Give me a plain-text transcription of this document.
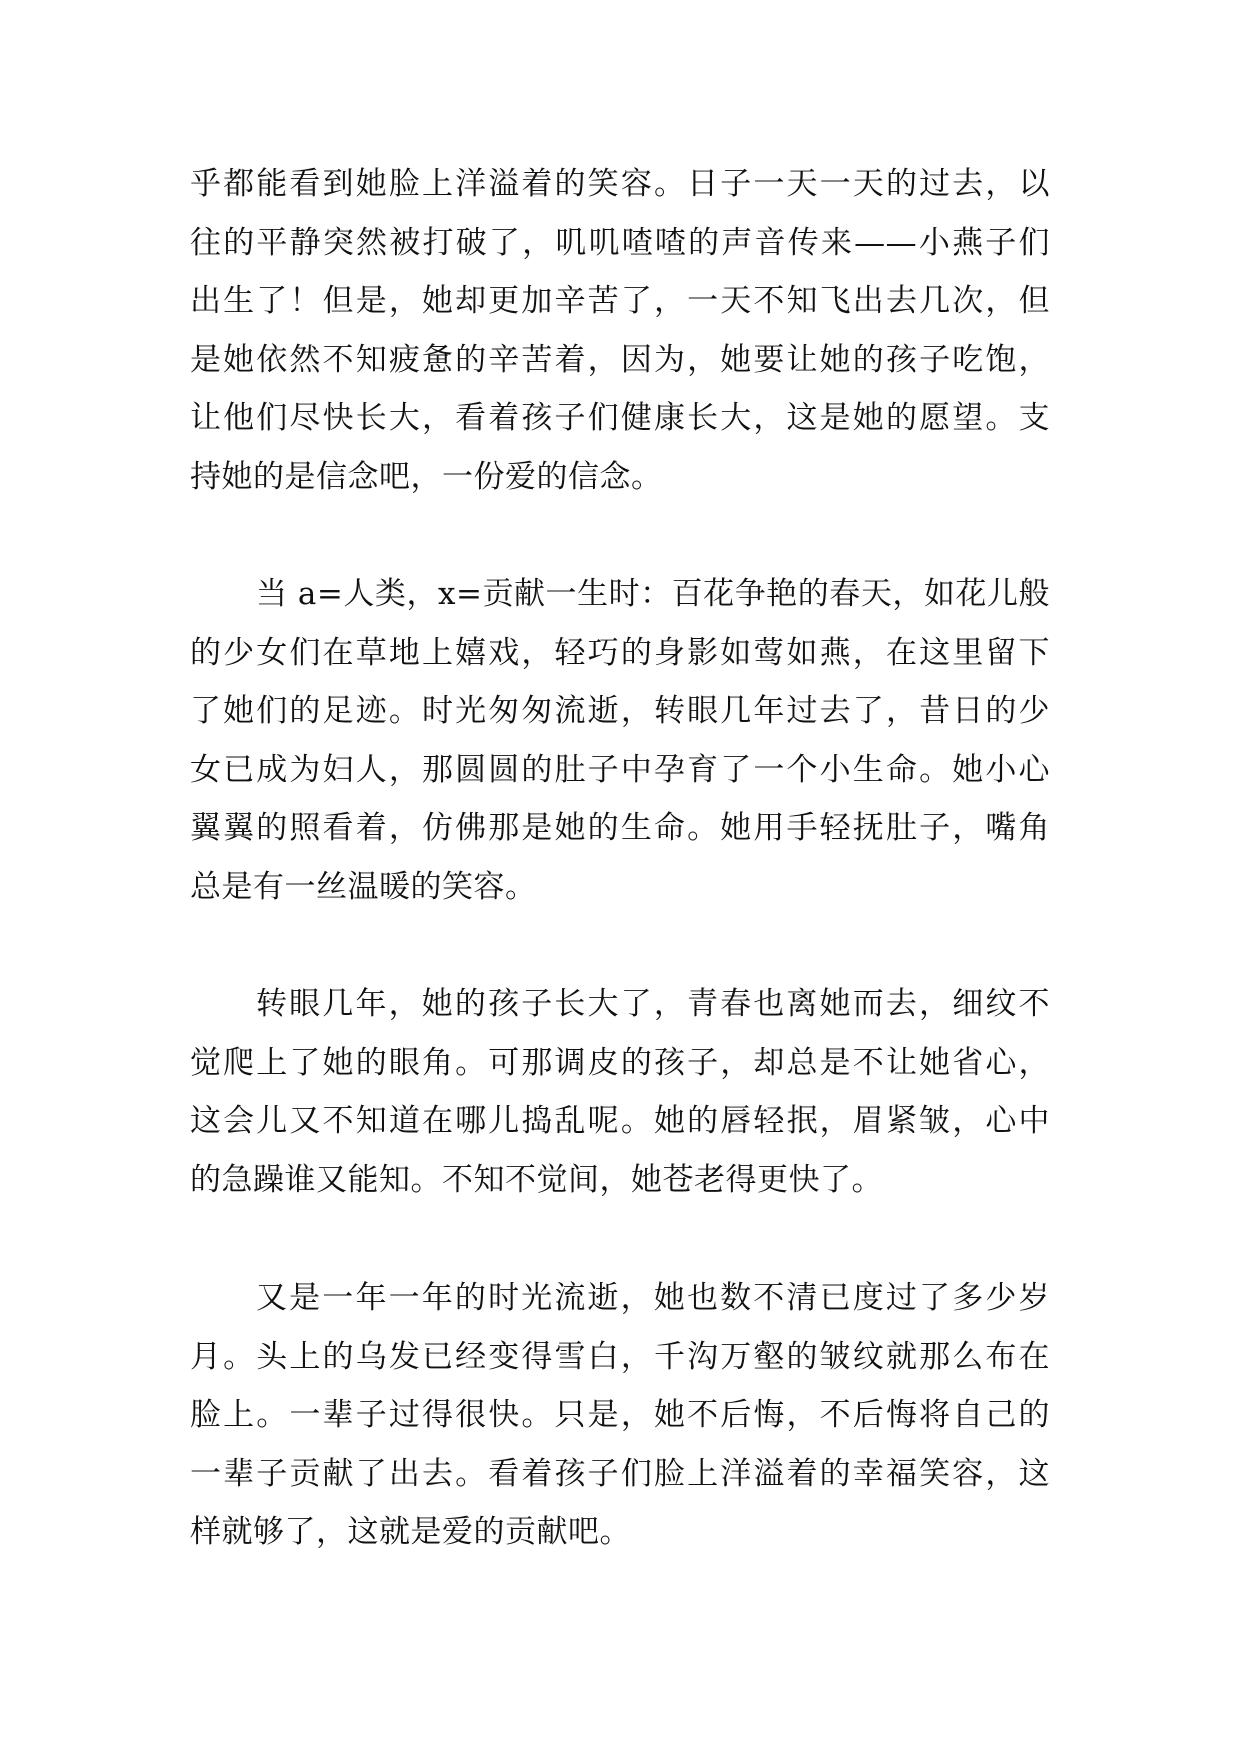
乎都能看到她脸上洋溢着的笑容。日子一天一天的过去，以
往的平静突然被打破了，叽叽喳喳的声音传来——小燕子们
出生了！但是，她却更加辛苦了，一天不知飞出去几次，但
是她依然不知疲惫的辛苦着，因为，她要让她的孩子吃饱，
让他们尽快长大，看着孩子们健康长大，这是她的愿望。支
持她的是信念吧，一份爱的信念。

当 a=人类，x=贡献一生时：百花争艳的春天，如花儿般
的少女们在草地上嬉戏，轻巧的身影如莺如燕，在这里留下
了她们的足迹。时光匆匆流逝，转眼几年过去了，昔日的少
女已成为妇人，那圆圆的肚子中孕育了一个小生命。她小心
翼翼的照看着，仿佛那是她的生命。她用手轻抚肚子，嘴角
总是有一丝温暖的笑容。

转眼几年，她的孩子长大了，青春也离她而去，细纹不
觉爬上了她的眼角。可那调皮的孩子，却总是不让她省心，
这会儿又不知道在哪儿捣乱呢。她的唇轻抿，眉紧皱，心中
的急躁谁又能知。不知不觉间，她苍老得更快了。

又是一年一年的时光流逝，她也数不清已度过了多少岁
月。头上的乌发已经变得雪白，千沟万壑的皱纹就那么布在
脸上。一辈子过得很快。只是，她不后悔，不后悔将自己的
一辈子贡献了出去。看着孩子们脸上洋溢着的幸福笑容，这
样就够了，这就是爱的贡献吧。
